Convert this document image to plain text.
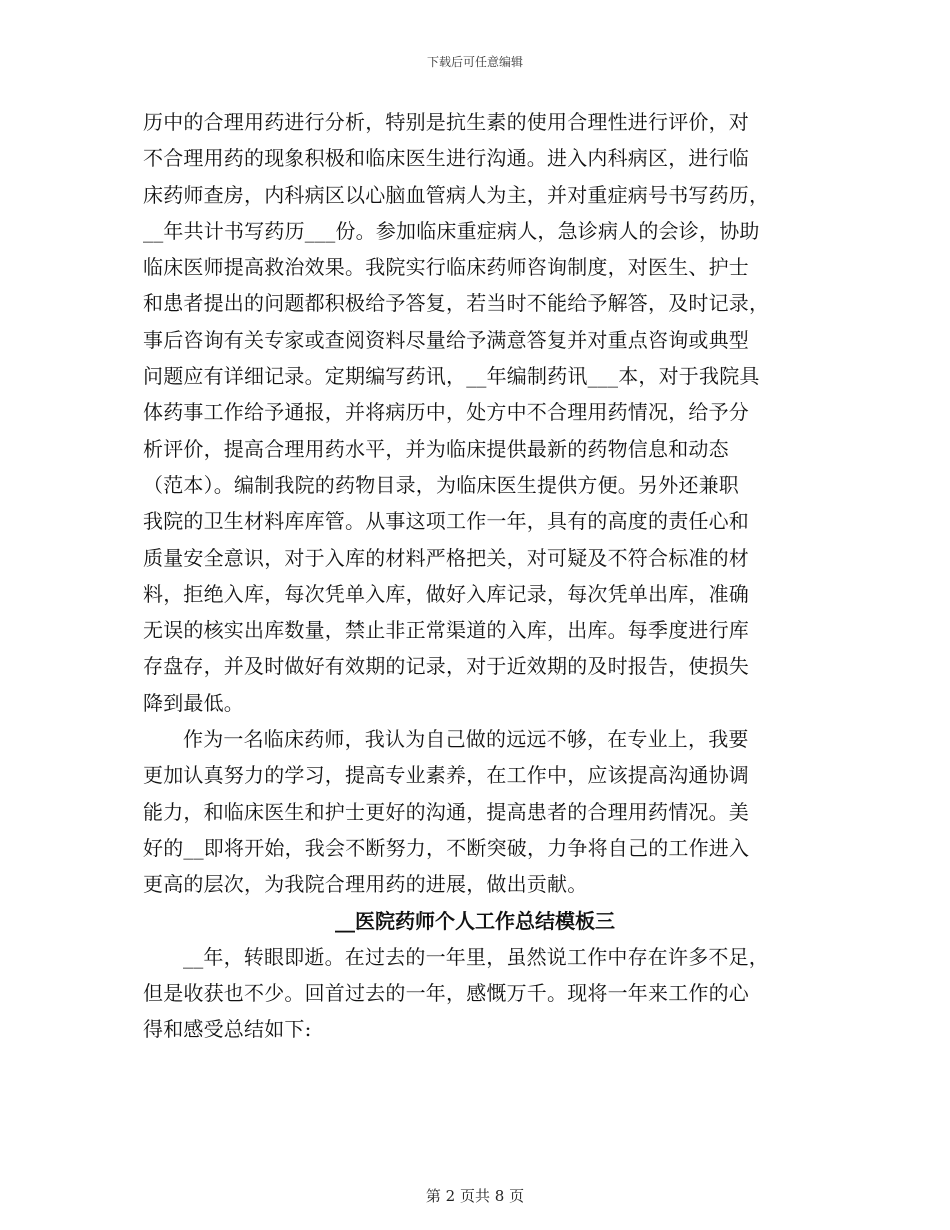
下载后可任意编辑
历中的合理用药进行分析，特别是抗生素的使用合理性进行评价，对
不合理用药的现象积极和临床医生进行沟通。进入内科病区，进行临
床药师查房，内科病区以心脑血管病人为主，并对重症病号书写药历，
__年共计书写药历___份。参加临床重症病人，急诊病人的会诊，协助
临床医师提高救治效果。我院实行临床药师咨询制度，对医生、护士
和患者提出的问题都积极给予答复，若当时不能给予解答，及时记录，
事后咨询有关专家或查阅资料尽量给予满意答复并对重点咨询或典型
问题应有详细记录。定期编写药讯，__年编制药讯___本，对于我院具
体药事工作给予通报，并将病历中，处方中不合理用药情况，给予分
析评价，提高合理用药水平，并为临床提供最新的药物信息和动态
（范本）。编制我院的药物目录，为临床医生提供方便。另外还兼职
我院的卫生材料库库管。从事这项工作一年，具有的高度的责任心和
质量安全意识，对于入库的材料严格把关，对可疑及不符合标准的材
料，拒绝入库，每次凭单入库，做好入库记录，每次凭单出库，准确
无误的核实出库数量，禁止非正常渠道的入库，出库。每季度进行库
存盘存，并及时做好有效期的记录，对于近效期的及时报告，使损失
降到最低。
作为一名临床药师，我认为自己做的远远不够，在专业上，我要
更加认真努力的学习，提高专业素养，在工作中，应该提高沟通协调
能力，和临床医生和护士更好的沟通，提高患者的合理用药情况。美
好的__即将开始，我会不断努力，不断突破，力争将自己的工作进入
更高的层次，为我院合理用药的进展，做出贡献。
__医院药师个人工作总结模板三
__年，转眼即逝。在过去的一年里，虽然说工作中存在许多不足，
但是收获也不少。回首过去的一年，感慨万千。现将一年来工作的心
得和感受总结如下:
第 2 页共 8 页
